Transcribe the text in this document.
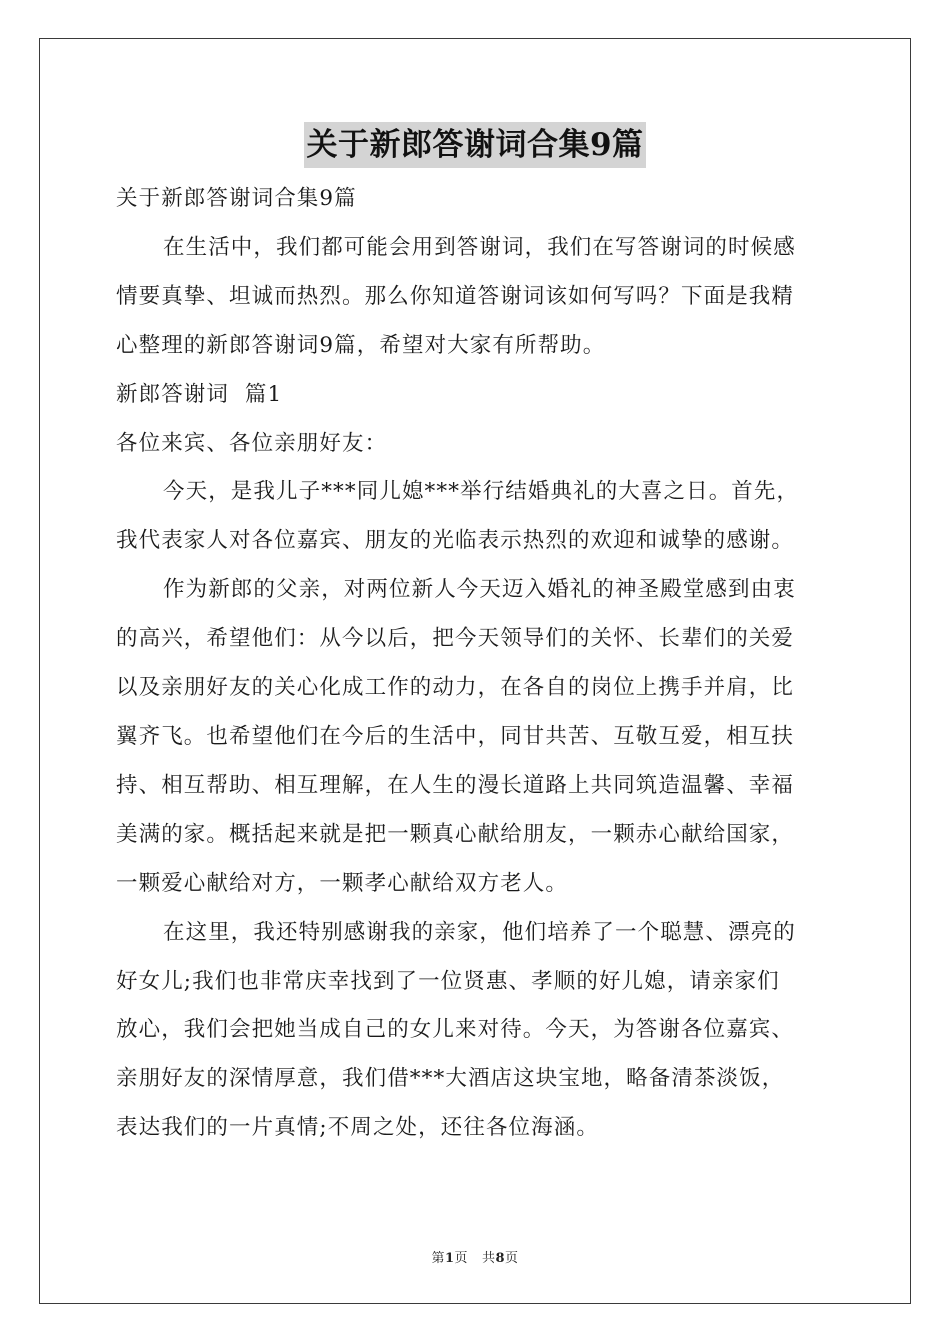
关于新郎答谢词合集9篇

关于新郎答谢词合集9篇

在生活中，我们都可能会用到答谢词，我们在写答谢词的时候感

情要真挚、坦诚而热烈。那么你知道答谢词该如何写吗？下面是我精

心整理的新郎答谢词9篇，希望对大家有所帮助。

新郎答谢词  篇1

各位来宾、各位亲朋好友：

今天，是我儿子***同儿媳***举行结婚典礼的大喜之日。首先，

我代表家人对各位嘉宾、朋友的光临表示热烈的欢迎和诚挚的感谢。

作为新郎的父亲，对两位新人今天迈入婚礼的神圣殿堂感到由衷

的高兴，希望他们：从今以后，把今天领导们的关怀、长辈们的关爱

以及亲朋好友的关心化成工作的动力，在各自的岗位上携手并肩，比

翼齐飞。也希望他们在今后的生活中，同甘共苦、互敬互爱，相互扶

持、相互帮助、相互理解，在人生的漫长道路上共同筑造温馨、幸福

美满的家。概括起来就是把一颗真心献给朋友，一颗赤心献给国家，

一颗爱心献给对方，一颗孝心献给双方老人。

在这里，我还特别感谢我的亲家，他们培养了一个聪慧、漂亮的

好女儿;我们也非常庆幸找到了一位贤惠、孝顺的好儿媳，请亲家们

放心，我们会把她当成自己的女儿来对待。今天，为答谢各位嘉宾、

亲朋好友的深情厚意，我们借***大酒店这块宝地，略备清茶淡饭，

表达我们的一片真情;不周之处，还往各位海涵。

第1页 共8页
